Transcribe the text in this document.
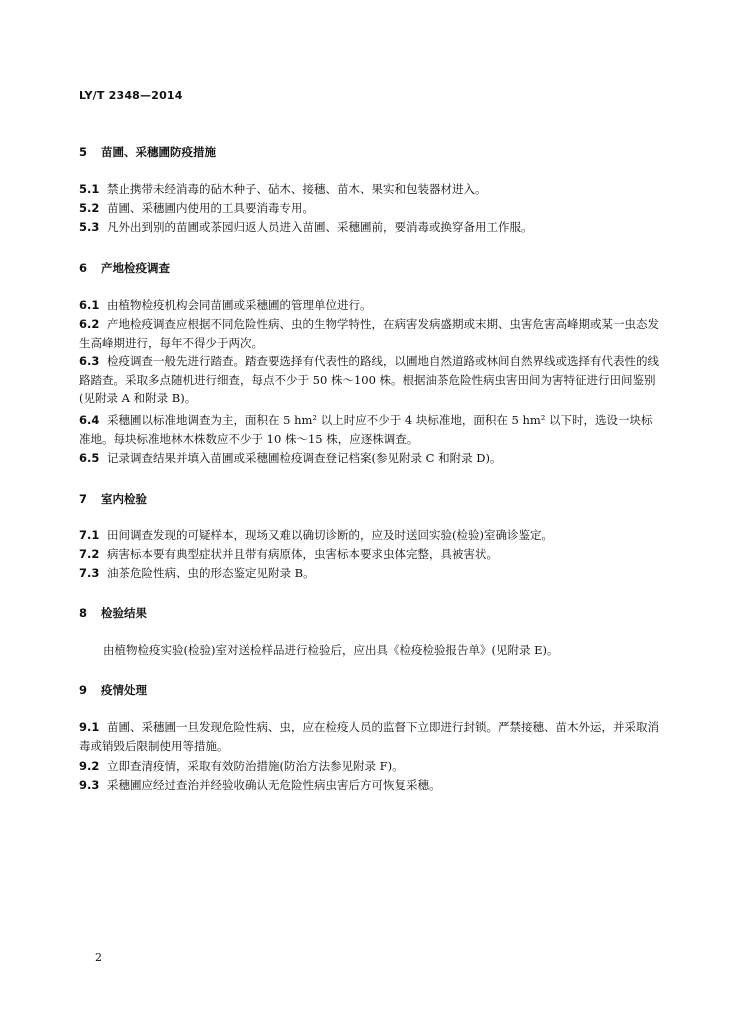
LY/T 2348—2014
5 苗圃、采穗圃防疫措施
5.1 禁止携带未经消毒的砧木种子、砧木、接穗、苗木、果实和包装器材进入。
5.2 苗圃、采穗圃内使用的工具要消毒专用。
5.3 凡外出到别的苗圃或茶园归返人员进入苗圃、采穗圃前，要消毒或换穿备用工作服。
6 产地检疫调查
6.1 由植物检疫机构会同苗圃或采穗圃的管理单位进行。
6.2 产地检疫调查应根据不同危险性病、虫的生物学特性，在病害发病盛期或末期、虫害危害高峰期或某一虫态发生高峰期进行，每年不得少于两次。
6.3 检疫调查一般先进行踏查。踏查要选择有代表性的路线，以圃地自然道路或林间自然界线或选择有代表性的线路踏查。采取多点随机进行细查，每点不少于 50 株～100 株。根据油茶危险性病虫害田间为害特征进行田间鉴别(见附录 A 和附录 B)。
6.4 采穗圃以标准地调查为主，面积在 5 hm² 以上时应不少于 4 块标准地，面积在 5 hm² 以下时，选设一块标准地。每块标准地林木株数应不少于 10 株～15 株，应逐株调查。
6.5 记录调查结果并填入苗圃或采穗圃检疫调查登记档案(参见附录 C 和附录 D)。
7 室内检验
7.1 田间调查发现的可疑样本，现场又难以确切诊断的，应及时送回实验(检验)室确诊鉴定。
7.2 病害标本要有典型症状并且带有病原体，虫害标本要求虫体完整，具被害状。
7.3 油茶危险性病、虫的形态鉴定见附录 B。
8 检验结果
由植物检疫实验(检验)室对送检样品进行检验后，应出具《检疫检验报告单》(见附录 E)。
9 疫情处理
9.1 苗圃、采穗圃一旦发现危险性病、虫，应在检疫人员的监督下立即进行封锁。严禁接穗、苗木外运，并采取消毒或销毁后限制使用等措施。
9.2 立即查清疫情，采取有效防治措施(防治方法参见附录 F)。
9.3 采穗圃应经过查治并经验收确认无危险性病虫害后方可恢复采穗。
2
